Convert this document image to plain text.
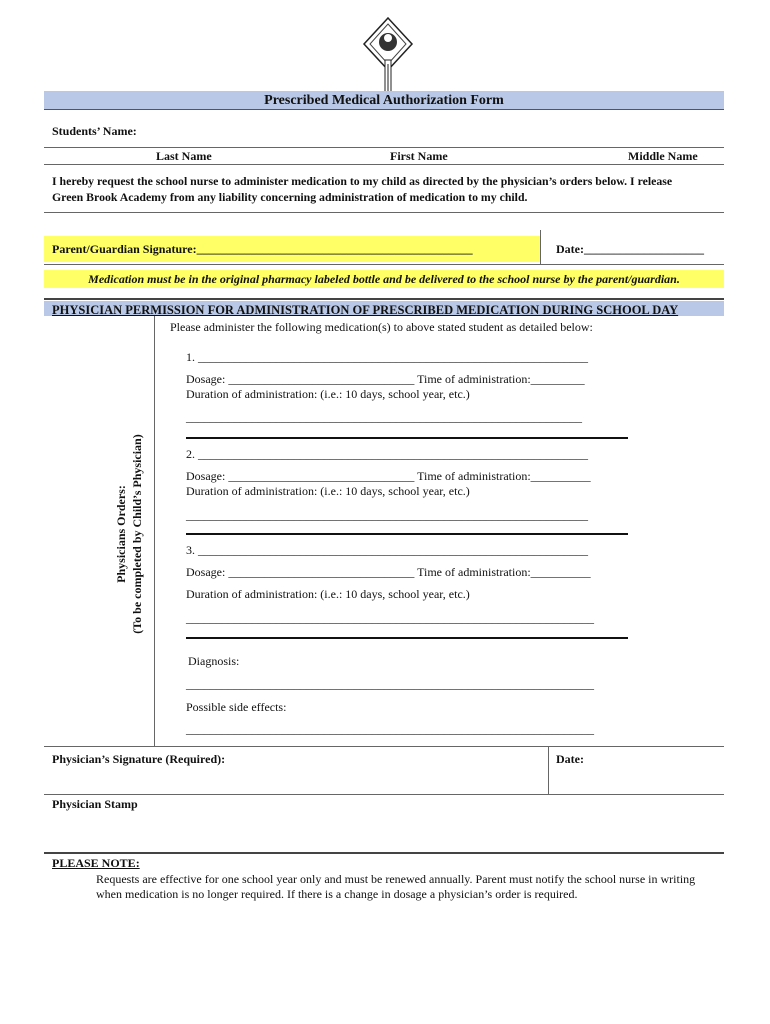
Prescribed Medical Authorization Form
Students’ Name:
Last Name	First Name	Middle Name
I hereby request the school nurse to administer medication to my child as directed by the physician’s orders below. I release
Green Brook Academy from any liability concerning administration of medication to my child.
Parent/Guardian Signature:______________________________________________	Date:____________________
Medication must be in the original pharmacy labeled bottle and be delivered to the school nurse by the parent/guardian.
PHYSICIAN PERMISSION FOR ADMINISTRATION OF PRESCRIBED MEDICATION DURING SCHOOL DAY
Please administer the following medication(s) to above stated student as detailed below:
Physicians Orders: (To be completed by Child’s Physician)
1. _________________________________________________________________
Dosage: _______________________________ Time of administration:_________
Duration of administration: (i.e.: 10 days, school year, etc.)
__________________________________________________________________
2. _________________________________________________________________
Dosage: _______________________________ Time of administration:__________
Duration of administration: (i.e.: 10 days, school year, etc.)
___________________________________________________________________
3. _________________________________________________________________
Dosage: _______________________________ Time of administration:__________
Duration of administration: (i.e.: 10 days, school year, etc.)
____________________________________________________________________
Diagnosis:
____________________________________________________________________
Possible side effects:
____________________________________________________________________
Physician’s Signature (Required):	Date:
Physician Stamp
PLEASE NOTE:
Requests are effective for one school year only and must be renewed annually. Parent must notify the school nurse in writing
when medication is no longer required. If there is a change in dosage a physician’s order is required.
